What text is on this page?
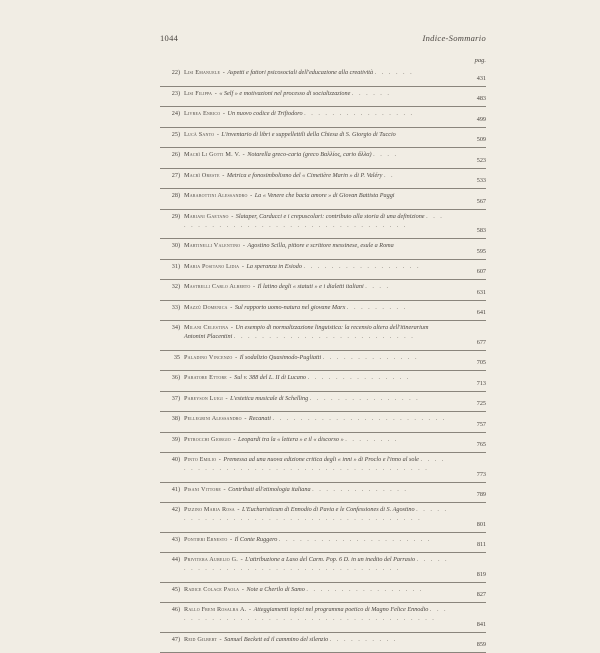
1044	Indice-Sommario
pag.
22) Lisi Emanuele - Aspetti e fattori psicosociali dell'educazione alla creatività . . . . . .
431
23) Lisi Filippa - « Self » e motivazioni nel processo di socializzazione . . . . . .
483
24) Livrea Enrico - Un nuovo codice di Trifiodoro . . . . . . . . . . . . . . . .
499
25) Lucà Santo - L'inventario di libri e suppellettili della Chiesa di S. Giorgio di Tuccio
509
26) Macrì Li Gotti M. V. - Notarella greco-caria (greco Βαλλίος, cario ἄλλα) . . . .
523
27) Macrì Oreste - Metrica e fonosimbolismo del « Cimetière Marin » di P. Valéry . .
533
28) Marabottini Alessandro - La « Venere che bacia amore » di Giovan Battista Paggi
567
29) Mariani Gaetano - Slataper, Carducci e i crepuscolari: contributo alla storia di una definizione . . . . . . . . . . . . . . . . . . . . . . . . . . . . . . . . . . .
583
30) Martinelli Valentino - Agostino Scilla, pittore e scrittore messinese, esule a Roma
595
31) Maria Positano Lidia - La speranza in Esiodo . . . . . . . . . . . . . . . . .
607
32) Mastrelli Carlo Alberto - Il latino degli « statuti » e i dialetti italiani . . . .
631
33) Mazzù Domenica - Sul rapporto uomo-natura nel giovane Marx . . . . . . . . .
641
34) Milani Celestina - Un esempio di normalizzazione linguistica: la recensio altera dell'itinerarium Antonini Placentini . . . . . . . . . . . . . . . . . . . . . . . . . .
677
35 Paladino Vincenzo - Il sodalizio Quasimodo-Pugliatti . . . . . . . . . . . . . .
705
36) Paratore Ettore - Sul v. 388 del L. II di Lucano . . . . . . . . . . . . . . .
713
37) Pareyson Luigi - L'estetica musicale di Schelling . . . . . . . . . . . . . . . .
725
38) Pellegrini Alessandro - Recanati . . . . . . . . . . . . . . . . . . . . . . . . .
757
39) Petrocchi Giorgio - Leopardi tra la « lettera » e il « discorso » . . . . . . . .
765
40) Pinto Emilio - Premessa ad una nuova edizione critica degli « inni » di Proclo e l'inno al sole . . . . . . . . . . . . . . . . . . . . . . . . . . . . . . . . . . . . . . .
773
41) Pisani Vittore - Contributi all'etimologia italiana . . . . . . . . . . . . . .
789
42) Pizzino Maria Rosa - L'Eucharisticum di Ennodio di Pavia e le Confessiones di S. Agostino . . . . . . . . . . . . . . . . . . . . . . . . . . . . . . . . . . . . . . .
801
43) Pontieri Ernesto - Il Conte Ruggero . . . . . . . . . . . . . . . . . . . . . .
811
44) Privitera Aurelio G. - L'attribuzione a Laso del Carm. Pop. 6 D. in un inedito del Parrasio . . . . . . . . . . . . . . . . . . . . . . . . . . . . . . . . . . . .
819
45) Radice Colace Paola - Note a Cherilo di Samo . . . . . . . . . . . . . . . . .
827
46) Rallo Freni Rosalba A. - Atteggiamenti topici nel programma poetico di Magno Felice Ennodio . . . . . . . . . . . . . . . . . . . . . . . . . . . . . . . . . . . . . . .
841
47) Reid Gilbert - Samuel Beckett ed il cammino del silenzio . . . . . . . . . .
859
